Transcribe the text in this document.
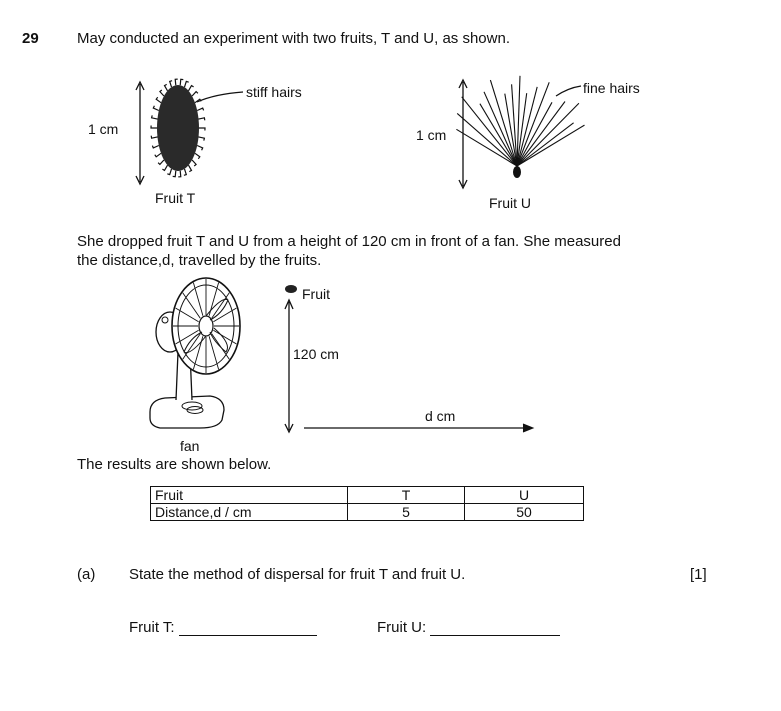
29	May conducted an experiment with two fruits, T and U, as shown.
1 cm
stiff hairs
Fruit T
1 cm
fine hairs
Fruit U
She dropped fruit T and U from a height of 120 cm in front of a fan. She measured
the distance,d, travelled by the fruits.
Fruit
120 cm
d cm
fan
The results are shown below.
Fruit	T	U
Distance,d / cm	5	50
(a) State the method of dispersal for fruit T and fruit U.	[1]
Fruit T:	Fruit U:
